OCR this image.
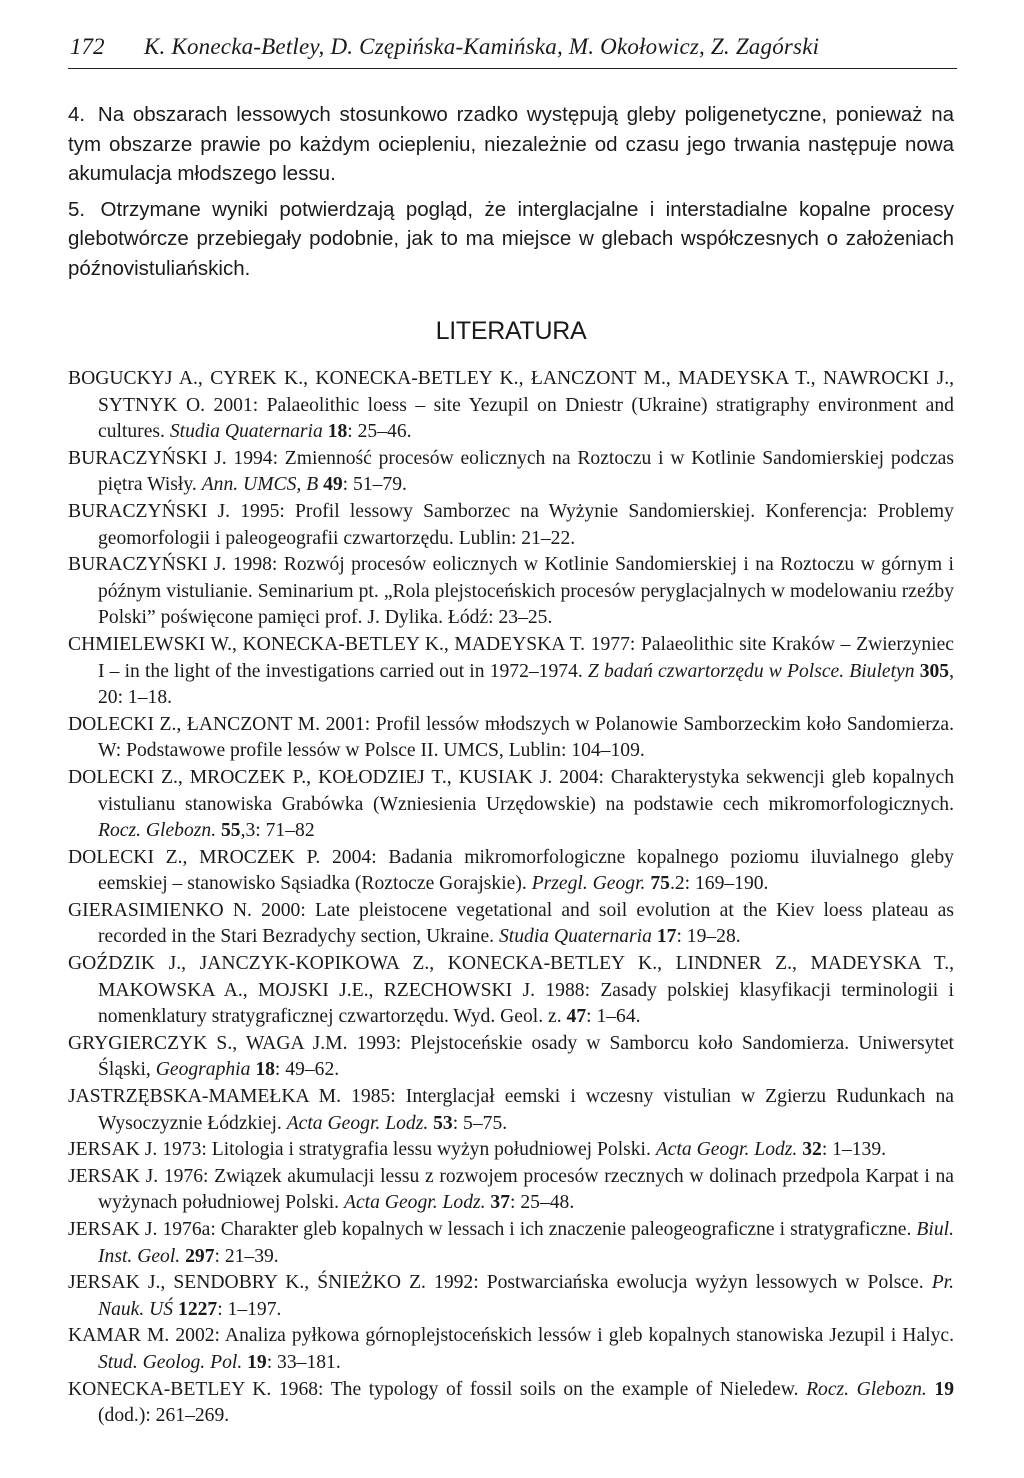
172 K. Konecka-Betley, D. Czępińska-Kamińska, M. Okołowicz, Z. Zagórski

4. Na obszarach lessowych stosunkowo rzadko występują gleby poligenetyczne, ponieważ na tym obszarze prawie po każdym ociepleniu, niezależnie od czasu jego trwania następuje nowa akumulacja młodszego lessu.

5. Otrzymane wyniki potwierdzają pogląd, że interglacjalne i interstadialne kopalne procesy glebotwórcze przebiegały podobnie, jak to ma miejsce w glebach współczesnych o założeniach późnovistuliańskich.

LITERATURA

BOGUCKYJ A., CYREK K., KONECKA-BETLEY K., ŁANCZONT M., MADEYSKA T., NAWROCKI J., SYTNYK O. 2001: Palaeolithic loess – site Yezupil on Dniestr (Ukraine) stratigraphy environment and cultures. Studia Quaternaria 18: 25–46.

BURACZYŃSKI J. 1994: Zmienność procesów eolicznych na Roztoczu i w Kotlinie Sandomierskiej podczas piętra Wisły. Ann. UMCS, B 49: 51–79.

BURACZYŃSKI J. 1995: Profil lessowy Samborzec na Wyżynie Sandomierskiej. Konferencja: Problemy geomorfologii i paleogeografii czwartorzędu. Lublin: 21–22.

BURACZYŃSKI J. 1998: Rozwój procesów eolicznych w Kotlinie Sandomierskiej i na Roztoczu w górnym i późnym vistulianie. Seminarium pt. „Rola plejstoceńskich procesów peryglacjalnych w modelowaniu rzeźby Polski” poświęcone pamięci prof. J. Dylika. Łódź: 23–25.

CHMIELEWSKI W., KONECKA-BETLEY K., MADEYSKA T. 1977: Palaeolithic site Kraków – Zwierzyniec I – in the light of the investigations carried out in 1972–1974. Z badań czwartorzędu w Polsce. Biuletyn 305, 20: 1–18.

DOLECKI Z., ŁANCZONT M. 2001: Profil lessów młodszych w Polanowie Samborzeckim koło Sandomierza. W: Podstawowe profile lessów w Polsce II. UMCS, Lublin: 104–109.

DOLECKI Z., MROCZEK P., KOŁODZIEJ T., KUSIAK J. 2004: Charakterystyka sekwencji gleb kopalnych vistulianu stanowiska Grabówka (Wzniesienia Urzędowskie) na podstawie cech mikromorfologicznych. Rocz. Glebozn. 55,3: 71–82

DOLECKI Z., MROCZEK P. 2004: Badania mikromorfologiczne kopalnego poziomu iluvialnego gleby eemskiej – stanowisko Sąsiadka (Roztocze Gorajskie). Przegl. Geogr. 75.2: 169–190.

GIERASIMIENKO N. 2000: Late pleistocene vegetational and soil evolution at the Kiev loess plateau as recorded in the Stari Bezradychy section, Ukraine. Studia Quaternaria 17: 19–28.

GOŹDZIK J., JANCZYK-KOPIKOWA Z., KONECKA-BETLEY K., LINDNER Z., MADEYSKA T., MAKOWSKA A., MOJSKI J.E., RZECHOWSKI J. 1988: Zasady polskiej klasyfikacji terminologii i nomenklatury stratygraficznej czwartorzędu. Wyd. Geol. z. 47: 1–64.

GRYGIERCZYK S., WAGA J.M. 1993: Plejstoceńskie osady w Samborcu koło Sandomierza. Uniwersytet Śląski, Geographia 18: 49–62.

JASTRZĘBSKA-MAMEŁKA M. 1985: Interglacjał eemski i wczesny vistulian w Zgierzu Rudunkach na Wysoczyznie Łódzkiej. Acta Geogr. Lodz. 53: 5–75.

JERSAK J. 1973: Litologia i stratygrafia lessu wyżyn południowej Polski. Acta Geogr. Lodz. 32: 1–139.

JERSAK J. 1976: Związek akumulacji lessu z rozwojem procesów rzecznych w dolinach przedpola Karpat i na wyżynach południowej Polski. Acta Geogr. Lodz. 37: 25–48.

JERSAK J. 1976a: Charakter gleb kopalnych w lessach i ich znaczenie paleogeograficzne i stratygraficzne. Biul. Inst. Geol. 297: 21–39.

JERSAK J., SENDOBRY K., ŚNIEŻKO Z. 1992: Postwarciańska ewolucja wyżyn lessowych w Polsce. Pr. Nauk. UŚ 1227: 1–197.

KAMAR M. 2002: Analiza pyłkowa górnoplejstoceńskich lessów i gleb kopalnych stanowiska Jezupil i Halyc. Stud. Geolog. Pol. 19: 33–181.

KONECKA-BETLEY K. 1968: The typology of fossil soils on the example of Nieledew. Rocz. Glebozn. 19 (dod.): 261–269.
